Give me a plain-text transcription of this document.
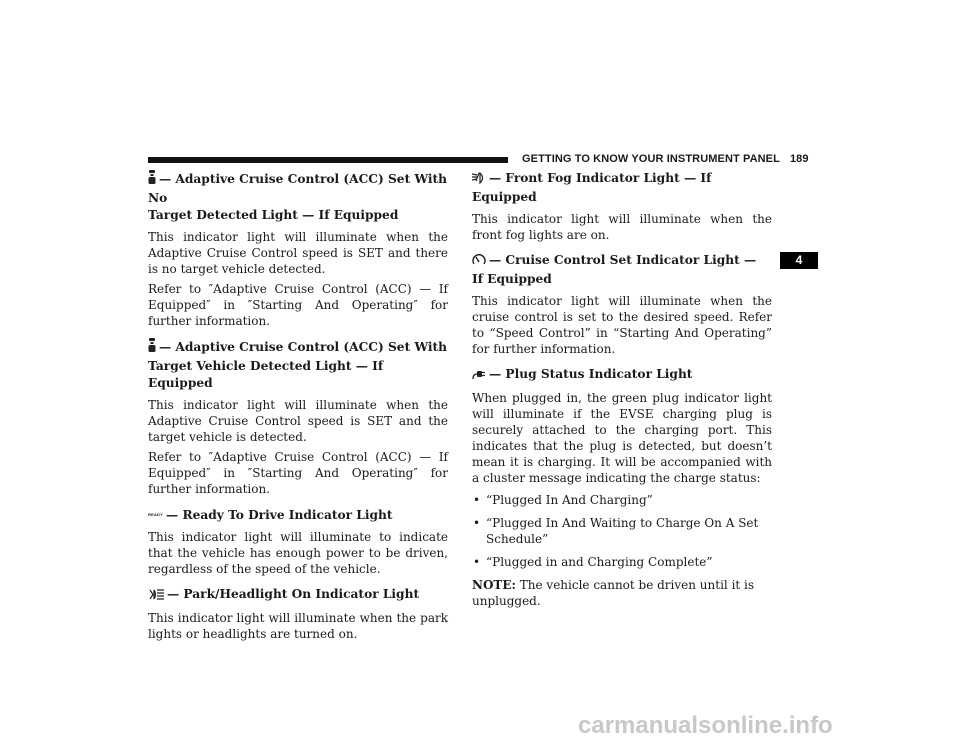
GETTING TO KNOW YOUR INSTRUMENT PANEL 189
4
— Adaptive Cruise Control (ACC) Set With No
Target Detected Light — If Equipped

This indicator light will illuminate when the Adaptive Cruise Control speed is SET and there is no target vehicle detected.

Refer to ″Adaptive Cruise Control (ACC) — If Equipped″ in ″Starting And Operating″ for further information.

— Adaptive Cruise Control (ACC) Set With
Target Vehicle Detected Light — If Equipped

This indicator light will illuminate when the Adaptive Cruise Control speed is SET and the target vehicle is detected.

Refer to ″Adaptive Cruise Control (ACC) — If Equipped″ in ″Starting And Operating″ for further information.

$^{READY}$ — Ready To Drive Indicator Light

This indicator light will illuminate to indicate that the vehicle has enough power to be driven, regardless of the speed of the vehicle.

— Park/Headlight On Indicator Light

This indicator light will illuminate when the park lights or headlights are turned on.

— Front Fog Indicator Light — If Equipped

This indicator light will illuminate when the front fog lights are on.

— Cruise Control Set Indicator Light —
If Equipped

This indicator light will illuminate when the cruise control is set to the desired speed. Refer to “Speed Control” in “Starting And Operating” for further information.

— Plug Status Indicator Light

When plugged in, the green plug indicator light will illuminate if the EVSE charging plug is securely attached to the charging port. This indicates that the plug is detected, but doesn’t mean it is charging. It will be accompanied with a cluster message indicating the charge status:

• “Plugged In And Charging”
• “Plugged In And Waiting to Charge On A Set Schedule”
• “Plugged in and Charging Complete”

NOTE: The vehicle cannot be driven until it is unplugged.

carmanualsonline.info
